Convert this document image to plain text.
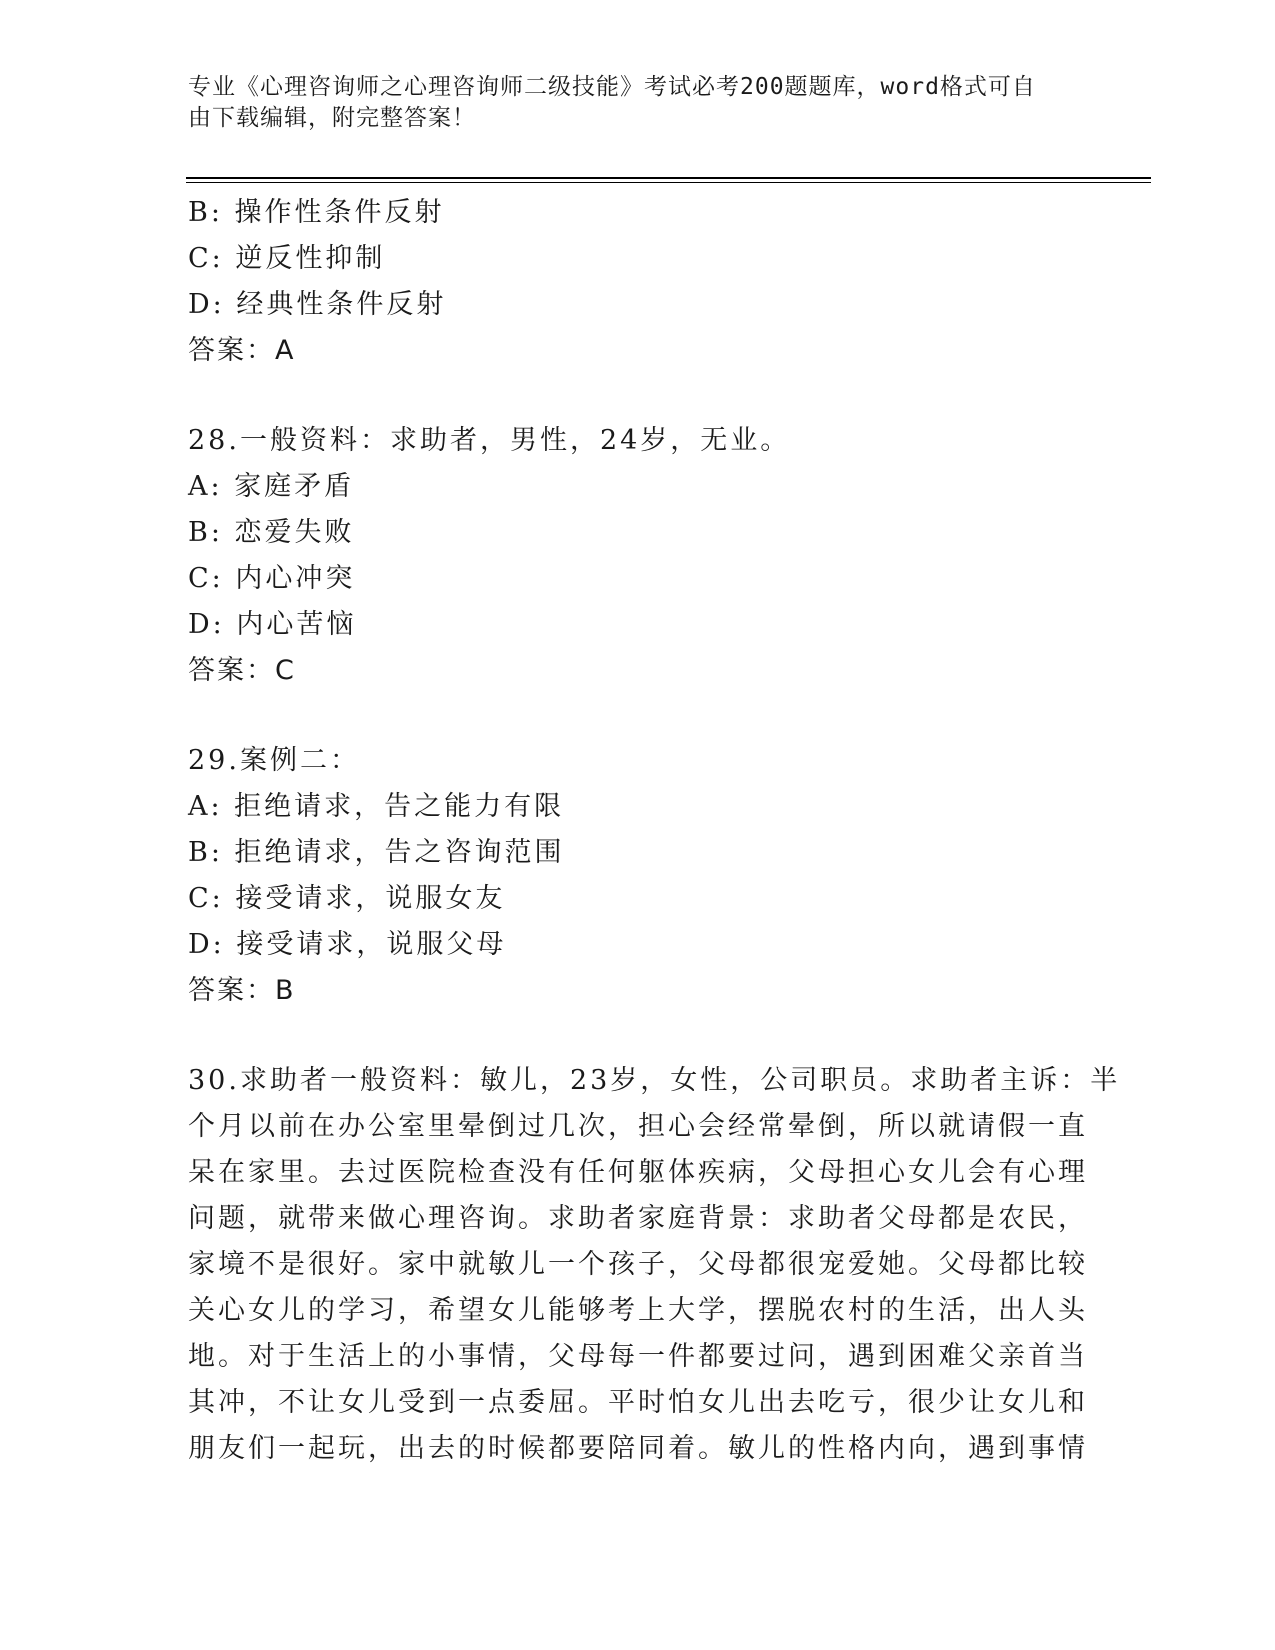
专业《心理咨询师之心理咨询师二级技能》考试必考200题题库，word格式可自
由下载编辑，附完整答案！
B: 操作性条件反射
C: 逆反性抑制
D: 经典性条件反射
答案：A
28.一般资料：求助者，男性，24岁，无业。
A: 家庭矛盾
B: 恋爱失败
C: 内心冲突
D: 内心苦恼
答案：C
29.案例二：
A: 拒绝请求，告之能力有限
B: 拒绝请求，告之咨询范围
C: 接受请求，说服女友
D: 接受请求，说服父母
答案：B
30.求助者一般资料：敏儿，23岁，女性，公司职员。求助者主诉：半
个月以前在办公室里晕倒过几次，担心会经常晕倒，所以就请假一直
呆在家里。去过医院检查没有任何躯体疾病，父母担心女儿会有心理
问题，就带来做心理咨询。求助者家庭背景：求助者父母都是农民，
家境不是很好。家中就敏儿一个孩子，父母都很宠爱她。父母都比较
关心女儿的学习，希望女儿能够考上大学，摆脱农村的生活，出人头
地。对于生活上的小事情，父母每一件都要过问，遇到困难父亲首当
其冲，不让女儿受到一点委屈。平时怕女儿出去吃亏，很少让女儿和
朋友们一起玩，出去的时候都要陪同着。敏儿的性格内向，遇到事情
